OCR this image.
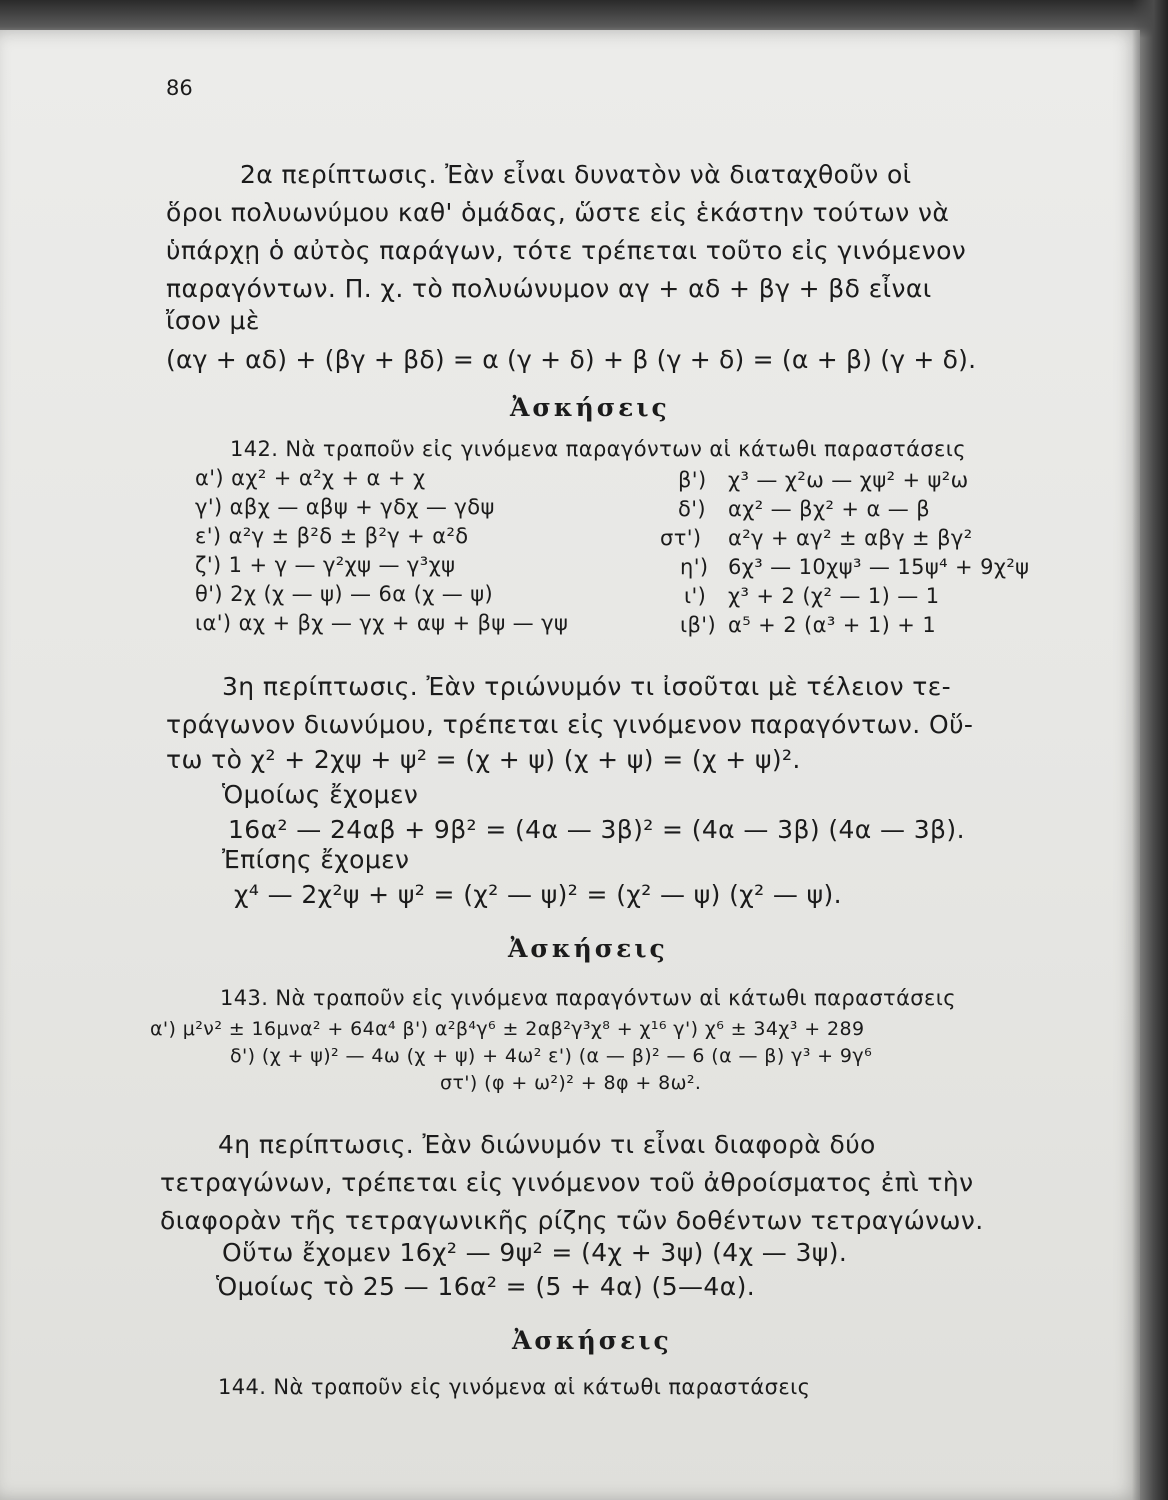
86
2α περίπτωσις. Ἐὰν εἶναι δυνατὸν νὰ διαταχθοῦν οἱ
ὅροι πολυωνύμου καθ' ὁμάδας, ὥστε εἰς ἑκάστην τούτων νὰ
ὑπάρχῃ ὁ αὐτὸς παράγων, τότε τρέπεται τοῦτο εἰς γινόμενον
παραγόντων. Π. χ. τὸ πολυώνυμον αγ + αδ + βγ + βδ εἶναι
ἴσον μὲ
(αγ + αδ) + (βγ + βδ) = α (γ + δ) + β (γ + δ) = (α + β) (γ + δ).
Ἀσκήσεις
142. Νὰ τραποῦν εἰς γινόμενα παραγόντων αἱ κάτωθι παραστάσεις
α') αχ² + α²χ + α + χ
γ') αβχ — αβψ + γδχ — γδψ
ε') α²γ ± β²δ ± β²γ + α²δ
ζ') 1 + γ — γ²χψ — γ³χψ
θ') 2χ (χ — ψ) — 6α (χ — ψ)
ια') αχ + βχ — γχ + αψ + βψ — γψ
β')
δ')
στ')
η')
ι')
ιβ')
χ³ — χ²ω — χψ² + ψ²ω
αχ² — βχ² + α — β
α²γ + αγ² ± αβγ ± βγ²
6χ³ — 10χψ³ — 15ψ⁴ + 9χ²ψ
χ³ + 2 (χ² — 1) — 1
α⁵ + 2 (α³ + 1) + 1
3η περίπτωσις. Ἐὰν τριώνυμόν τι ἰσοῦται μὲ τέλειον τε-
τράγωνον διωνύμου, τρέπεται εἰς γινόμενον παραγόντων. Οὕ-
τω τὸ χ² + 2χψ + ψ² = (χ + ψ) (χ + ψ) = (χ + ψ)².
Ὁμοίως ἔχομεν
16α² — 24αβ + 9β² = (4α — 3β)² = (4α — 3β) (4α — 3β).
Ἐπίσης ἔχομεν
χ⁴ — 2χ²ψ + ψ² = (χ² — ψ)² = (χ² — ψ) (χ² — ψ).
Ἀσκήσεις
143. Νὰ τραποῦν εἰς γινόμενα παραγόντων αἱ κάτωθι παραστάσεις
α') μ²ν² ± 16μνα² + 64α⁴ β') α²β⁴γ⁶ ± 2αβ²γ³χ⁸ + χ¹⁶ γ') χ⁶ ± 34χ³ + 289
δ') (χ + ψ)² — 4ω (χ + ψ) + 4ω² ε') (α — β)² — 6 (α — β) γ³ + 9γ⁶
στ') (φ + ω²)² + 8φ + 8ω².
4η περίπτωσις. Ἐὰν διώνυμόν τι εἶναι διαφορὰ δύο
τετραγώνων, τρέπεται εἰς γινόμενον τοῦ ἀθροίσματος ἐπὶ τὴν
διαφορὰν τῆς τετραγωνικῆς ρίζης τῶν δοθέντων τετραγώνων.
Οὕτω ἔχομεν 16χ² — 9ψ² = (4χ + 3ψ) (4χ — 3ψ).
Ὁμοίως τὸ 25 — 16α² = (5 + 4α) (5—4α).
Ἀσκήσεις
144. Νὰ τραποῦν εἰς γινόμενα αἱ κάτωθι παραστάσεις
